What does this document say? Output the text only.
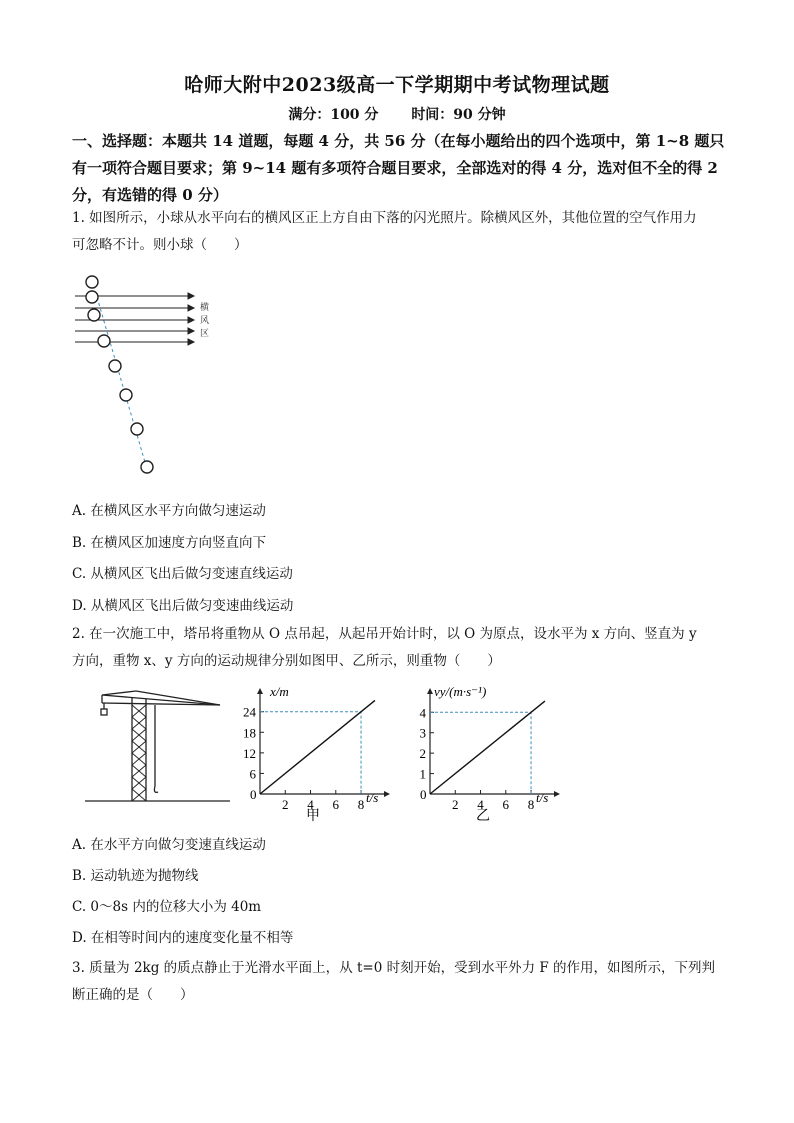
哈师大附中2023级高一下学期期中考试物理试题
满分：100 分 时间：90 分钟
一、选择题：本题共 14 道题，每题 4 分，共 56 分（在每小题给出的四个选项中，第 1~8 题只有一项符合题目要求；第 9~14 题有多项符合题目要求，全部选对的得 4 分，选对但不全的得 2 分，有选错的得 0 分）
1. 如图所示，小球从水平向右的横风区正上方自由下落的闪光照片。除横风区外，其他位置的空气作用力
可忽略不计。则小球（　　）
横
风
区
A. 在横风区水平方向做匀速运动
B. 在横风区加速度方向竖直向下
C. 从横风区飞出后做匀变速直线运动
D. 从横风区飞出后做匀变速曲线运动
2. 在一次施工中，塔吊将重物从 O 点吊起，从起吊开始计时，以 O 为原点，设水平为 x 方向、竖直为 y
方向，重物 x、y 方向的运动规律分别如图甲、乙所示，则重物（　　）
x/m
t/s
0
甲
2 4 6 8
6
12
18
24
vy/(m·s⁻¹)
t/s
0
乙
2 4 6 8
1
2
3
4
A. 在水平方向做匀变速直线运动
B. 运动轨迹为抛物线
C. 0～8s 内的位移大小为 40m
D. 在相等时间内的速度变化量不相等
3. 质量为 2kg 的质点静止于光滑水平面上，从 t=0 时刻开始，受到水平外力 F 的作用，如图所示，下列判
断正确的是（　　）
